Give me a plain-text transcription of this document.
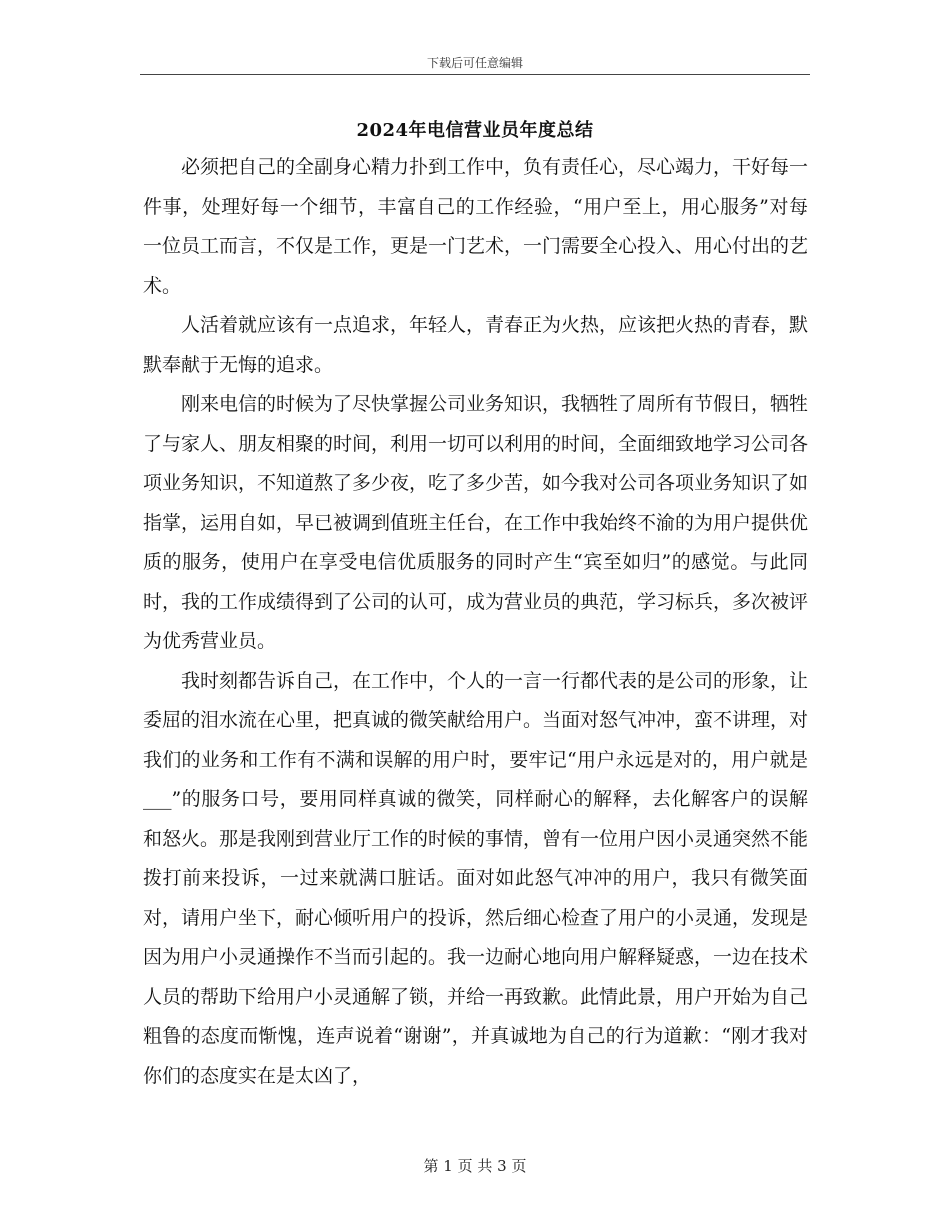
下载后可任意编辑
2024年电信营业员年度总结

必须把自己的全副身心精力扑到工作中，负有责任心，尽心竭力，干好每一件事，处理好每一个细节，丰富自己的工作经验，“用户至上，用心服务”对每一位员工而言，不仅是工作，更是一门艺术，一门需要全心投入、用心付出的艺术。

人活着就应该有一点追求，年轻人，青春正为火热，应该把火热的青春，默默奉献于无悔的追求。

刚来电信的时候为了尽快掌握公司业务知识，我牺牲了周所有节假日，牺牲了与家人、朋友相聚的时间，利用一切可以利用的时间，全面细致地学习公司各项业务知识，不知道熬了多少夜，吃了多少苦，如今我对公司各项业务知识了如指掌，运用自如，早已被调到值班主任台，在工作中我始终不渝的为用户提供优质的服务，使用户在享受电信优质服务的同时产生“宾至如归”的感觉。与此同时，我的工作成绩得到了公司的认可，成为营业员的典范，学习标兵，多次被评为优秀营业员。

我时刻都告诉自己，在工作中，个人的一言一行都代表的是公司的形象，让委屈的泪水流在心里，把真诚的微笑献给用户。当面对怒气冲冲，蛮不讲理，对我们的业务和工作有不满和误解的用户时，要牢记“用户永远是对的，用户就是___”的服务口号，要用同样真诚的微笑，同样耐心的解释，去化解客户的误解和怒火。那是我刚到营业厅工作的时候的事情，曾有一位用户因小灵通突然不能拨打前来投诉，一过来就满口脏话。面对如此怒气冲冲的用户，我只有微笑面对，请用户坐下，耐心倾听用户的投诉，然后细心检查了用户的小灵通，发现是因为用户小灵通操作不当而引起的。我一边耐心地向用户解释疑惑，一边在技术人员的帮助下给用户小灵通解了锁，并给一再致歉。此情此景，用户开始为自己粗鲁的态度而惭愧，连声说着“谢谢”，并真诚地为自己的行为道歉：“刚才我对你们的态度实在是太凶了，

第 1 页 共 3 页
